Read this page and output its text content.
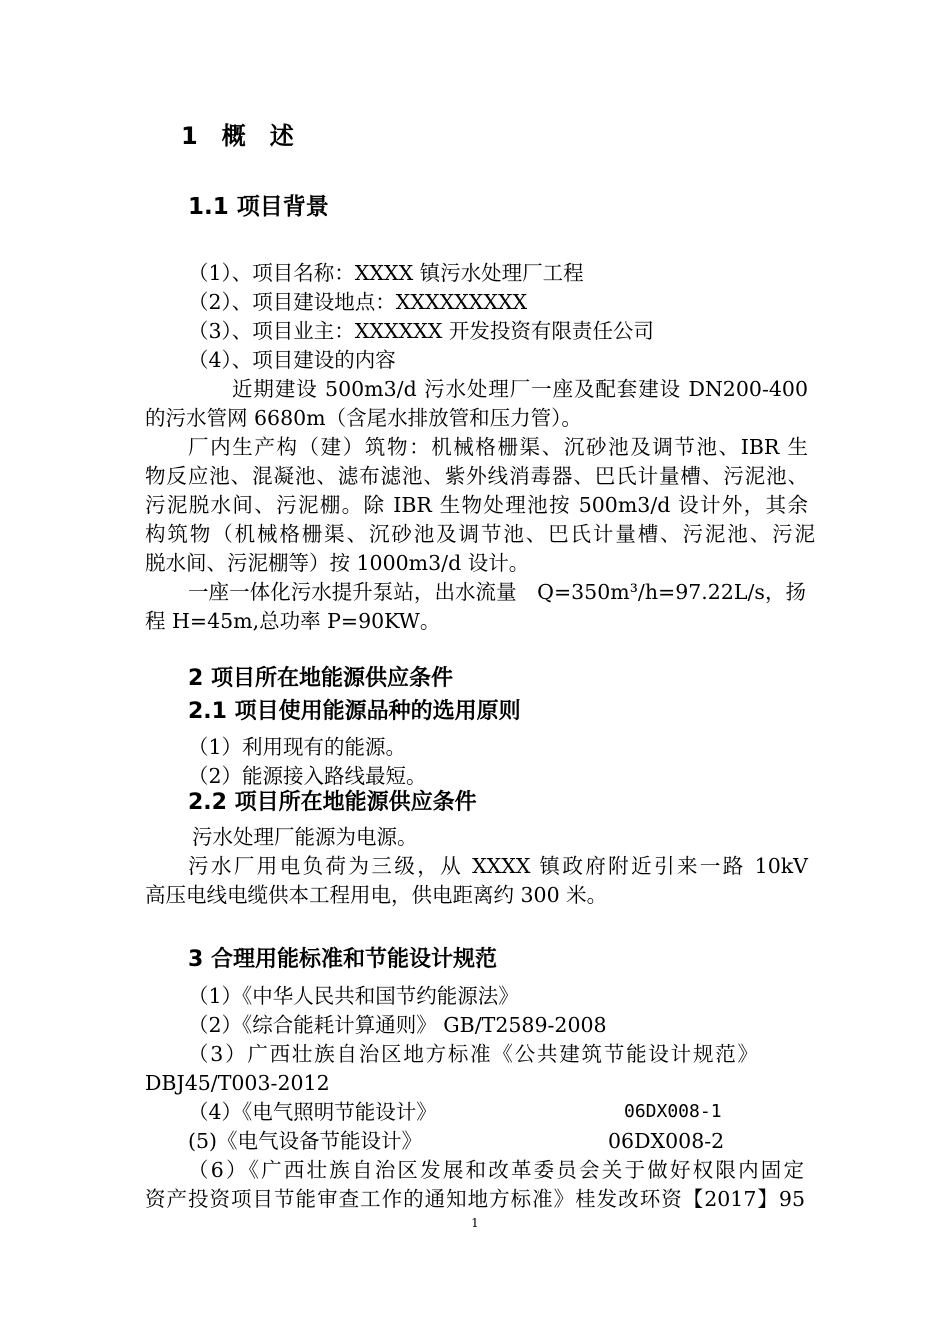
1　概　述
1.1 项目背景
（1）、项目名称：XXXX 镇污水处理厂工程
（2）、项目建设地点：XXXXXXXXX
（3）、项目业主：XXXXXX 开发投资有限责任公司
（4）、项目建设的内容
近期建设 500m3/d 污水处理厂一座及配套建设 DN200-400
的污水管网 6680m（含尾水排放管和压力管）。
厂内生产构（建）筑物：机械格栅渠、沉砂池及调节池、IBR 生
物反应池、混凝池、滤布滤池、紫外线消毒器、巴氏计量槽、污泥池、
污泥脱水间、污泥棚。除 IBR 生物处理池按 500m3/d 设计外，其余
构筑物（机械格栅渠、沉砂池及调节池、巴氏计量槽、污泥池、污泥
脱水间、污泥棚等）按 1000m3/d 设计。
一座一体化污水提升泵站，出水流量　Q=350m³/h=97.22L/s，扬
程 H=45m,总功率 P=90KW。
2 项目所在地能源供应条件
2.1 项目使用能源品种的选用原则
（1）利用现有的能源。
（2）能源接入路线最短。
2.2 项目所在地能源供应条件
污水处理厂能源为电源。
污水厂用电负荷为三级，从 XXXX 镇政府附近引来一路 10kV
高压电线电缆供本工程用电，供电距离约 300 米。
3 合理用能标准和节能设计规范
（1）《中华人民共和国节约能源法》
（2）《综合能耗计算通则》 GB/T2589-2008
（3）广西壮族自治区地方标准《公共建筑节能设计规范》
DBJ45/T003-2012
（4）《电气照明节能设计》	06DX008-1
(5)《电气设备节能设计》	06DX008-2
（6）《广西壮族自治区发展和改革委员会关于做好权限内固定
资产投资项目节能审查工作的通知地方标准》桂发改环资【2017】95
1
